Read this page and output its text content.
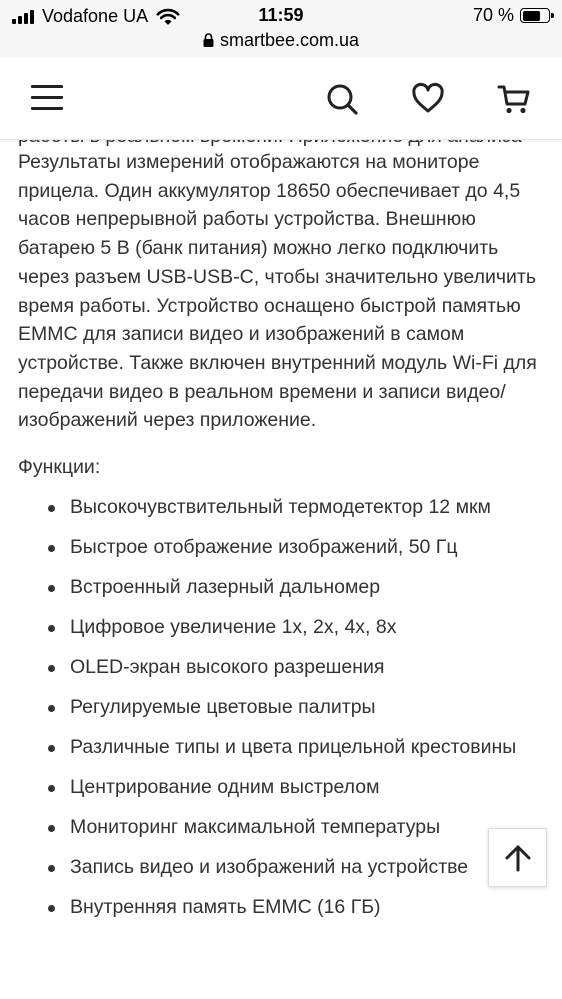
Vodafone UA	11:59	70 %
smartbee.com.ua

Результаты измерений отображаются на мониторе прицела. Один аккумулятор 18650 обеспечивает до 4,5 часов непрерывной работы устройства. Внешнюю батарею 5 В (банк питания) можно легко подключить через разъем USB-USB-C, чтобы значительно увеличить время работы. Устройство оснащено быстрой памятью EMMC для записи видео и изображений в самом устройстве. Также включен внутренний модуль Wi-Fi для передачи видео в реальном времени и записи видео/изображений через приложение.

Функции:
Высокочувствительный термодетектор 12 мкм
Быстрое отображение изображений, 50 Гц
Встроенный лазерный дальномер
Цифровое увеличение 1x, 2x, 4x, 8x
OLED-экран высокого разрешения
Регулируемые цветовые палитры
Различные типы и цвета прицельной крестовины
Центрирование одним выстрелом
Мониторинг максимальной температуры
Запись видео и изображений на устройстве
Внутренняя память EMMC (16 ГБ)
